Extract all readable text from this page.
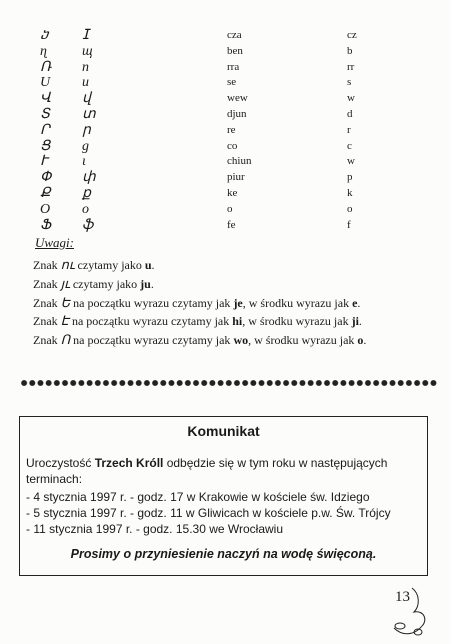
ⴢ	ⵊ	cza	cz
ɳ	щ	ben	b
Ռ	n	rra	rr
U	u	se	s
Վ	վ	wew	w
Տ	տ	djun	d
Ր	ր	re	r
Ց	g	co	c
Ւ	ι	chiun	w
Փ	փ	piur	p
Ք	ք	ke	k
O	o	o	o
Ֆ	ֆ	fe	f
Uwagi:
Znak ու czytamy jako u.
Znak յւ czytamy jako ju.
Znak Ե na początku wyrazu czytamy jak je, w środku wyrazu jak e.
Znak Է na początku wyrazu czytamy jak hi, w środku wyrazu jak ji.
Znak Ո na początku wyrazu czytamy jak wo, w środku wyrazu jak o.
Komunikat
Uroczystość Trzech Króll odbędzie się w tym roku w następujących terminach:
- 4 stycznia 1997 r. - godz. 17 w Krakowie w kościele św. Idziego
- 5 stycznia 1997 r. - godz. 11 w Gliwicach w kościele p.w. Św. Trójcy
- 11 stycznia 1997 r. - godz. 15.30 we Wrocławiu
Prosimy o przyniesienie naczyń na wodę święconą.
13
